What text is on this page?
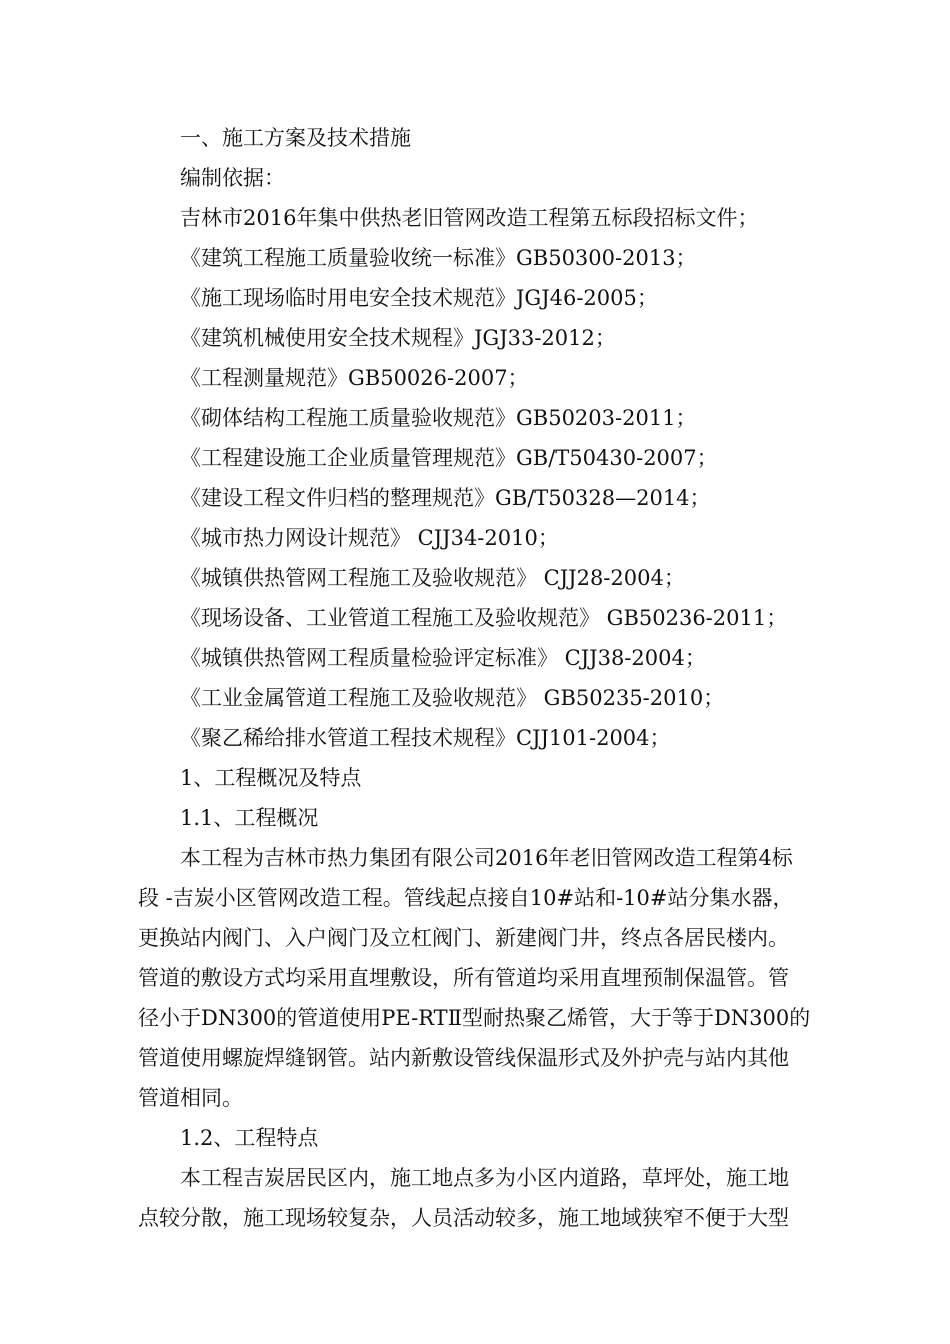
一、施工方案及技术措施

编制依据：

吉林市2016年集中供热老旧管网改造工程第五标段招标文件；

《建筑工程施工质量验收统一标准》GB50300-2013；

《施工现场临时用电安全技术规范》JGJ46-2005；

《建筑机械使用安全技术规程》JGJ33-2012；

《工程测量规范》GB50026-2007；

《砌体结构工程施工质量验收规范》GB50203-2011；

《工程建设施工企业质量管理规范》GB/T50430-2007；

《建设工程文件归档的整理规范》GB/T50328—2014；

《城市热力网设计规范》 CJJ34-2010；

《城镇供热管网工程施工及验收规范》 CJJ28-2004；

《现场设备、工业管道工程施工及验收规范》 GB50236-2011；

《城镇供热管网工程质量检验评定标准》 CJJ38-2004；

《工业金属管道工程施工及验收规范》 GB50235-2010；

《聚乙稀给排水管道工程技术规程》CJJ101-2004；

1、工程概况及特点

1.1、工程概况

本工程为吉林市热力集团有限公司2016年老旧管网改造工程第4标

段 -吉炭小区管网改造工程。管线起点接自10#站和-10#站分集水器，

更换站内阀门、入户阀门及立杠阀门、新建阀门井，终点各居民楼内。

管道的敷设方式均采用直埋敷设，所有管道均采用直埋预制保温管。管

径小于DN300的管道使用PE-RTⅡ型耐热聚乙烯管，大于等于DN300的

管道使用螺旋焊缝钢管。站内新敷设管线保温形式及外护壳与站内其他

管道相同。

1.2、工程特点

本工程吉炭居民区内，施工地点多为小区内道路，草坪处，施工地

点较分散，施工现场较复杂，人员活动较多，施工地域狭窄不便于大型
